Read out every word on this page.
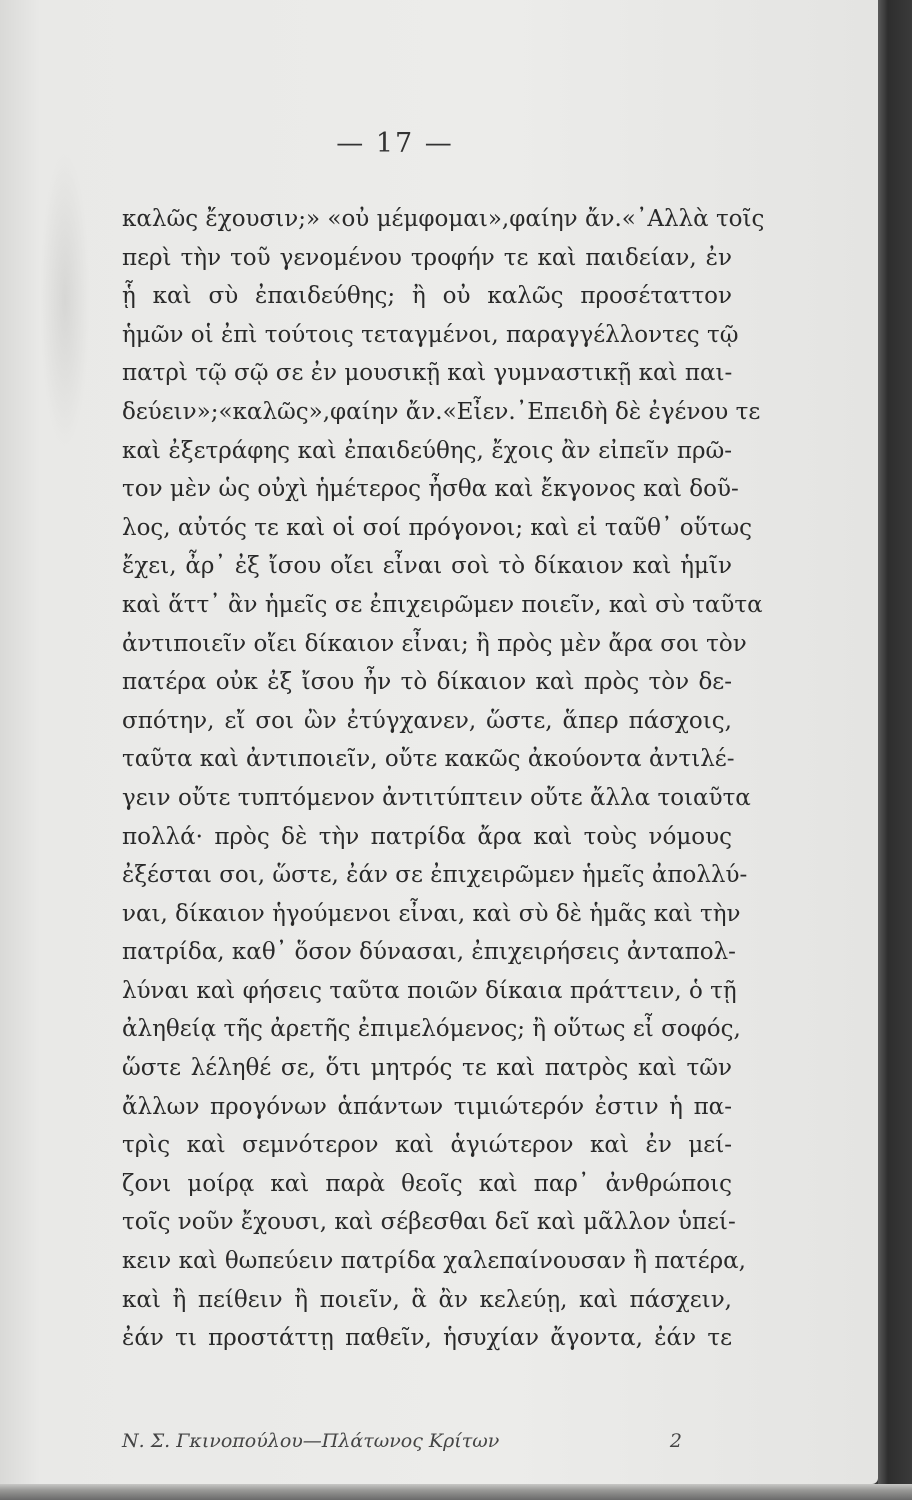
— 17 —
καλῶς ἔχουσιν;» «οὐ μέμφομαι»,φαίην ἄν.«᾿Αλλὰ τοῖς
περὶ τὴν τοῦ γενομένου τροφήν τε καὶ παιδείαν, ἐν
ᾗ καὶ σὺ ἐπαιδεύθης; ἢ οὐ καλῶς προσέταττον
ἡμῶν οἱ ἐπὶ τούτοις τεταγμένοι, παραγγέλλοντες τῷ
πατρὶ τῷ σῷ σε ἐν μουσικῇ καὶ γυμναστικῇ καὶ παι-
δεύειν»;«καλῶς»,φαίην ἄν.«Εἶεν.᾿Επειδὴ δὲ ἐγένου τε
καὶ ἐξετράφης καὶ ἐπαιδεύθης, ἔχοις ἂν εἰπεῖν πρῶ-
τον μὲν ὡς οὐχὶ ἡμέτερος ἦσθα καὶ ἔκγονος καὶ δοῦ-
λος, αὐτός τε καὶ οἱ σοί πρόγονοι; καὶ εἰ ταῦθ᾿ οὕτως
ἔχει, ἆρ᾿ ἐξ ἴσου οἴει εἶναι σοὶ τὸ δίκαιον καὶ ἡμῖν
καὶ ἅττ᾿ ἂν ἡμεῖς σε ἐπιχειρῶμεν ποιεῖν, καὶ σὺ ταῦτα
ἀντιποιεῖν οἴει δίκαιον εἶναι; ἢ πρὸς μὲν ἄρα σοι τὸν
πατέρα οὐκ ἐξ ἴσου ἦν τὸ δίκαιον καὶ πρὸς τὸν δε-
σπότην, εἴ σοι ὢν ἐτύγχανεν, ὥστε, ἅπερ πάσχοις,
ταῦτα καὶ ἀντιποιεῖν, οὔτε κακῶς ἀκούοντα ἀντιλέ-
γειν οὔτε τυπτόμενον ἀντιτύπτειν οὔτε ἄλλα τοιαῦτα
πολλά· πρὸς δὲ τὴν πατρίδα ἄρα καὶ τοὺς νόμους
ἐξέσται σοι, ὥστε, ἐάν σε ἐπιχειρῶμεν ἡμεῖς ἀπολλύ-
ναι, δίκαιον ἡγούμενοι εἶναι, καὶ σὺ δὲ ἡμᾶς καὶ τὴν
πατρίδα, καθ᾿ ὅσον δύνασαι, ἐπιχειρήσεις ἀνταπολ-
λύναι καὶ φήσεις ταῦτα ποιῶν δίκαια πράττειν, ὁ τῇ
ἀληθείᾳ τῆς ἀρετῆς ἐπιμελόμενος; ἢ οὕτως εἶ σοφός,
ὥστε λέληθέ σε, ὅτι μητρός τε καὶ πατρὸς καὶ τῶν
ἄλλων προγόνων ἁπάντων τιμιώτερόν ἐστιν ἡ πα-
τρὶς καὶ σεμνότερον καὶ ἁγιώτερον καὶ ἐν μεί-
ζονι μοίρᾳ καὶ παρὰ θεοῖς καὶ παρ᾿ ἀνθρώποις
τοῖς νοῦν ἔχουσι, καὶ σέβεσθαι δεῖ καὶ μᾶλλον ὑπεί-
κειν καὶ θωπεύειν πατρίδα χαλεπαίνουσαν ἢ πατέρα,
καὶ ἢ πείθειν ἢ ποιεῖν, ἃ ἂν κελεύῃ, καὶ πάσχειν,
ἐάν τι προστάττῃ παθεῖν, ἡσυχίαν ἄγοντα, ἐάν τε
Ν. Σ. Γκινοπούλου—Πλάτωνος Κρίτων	2
